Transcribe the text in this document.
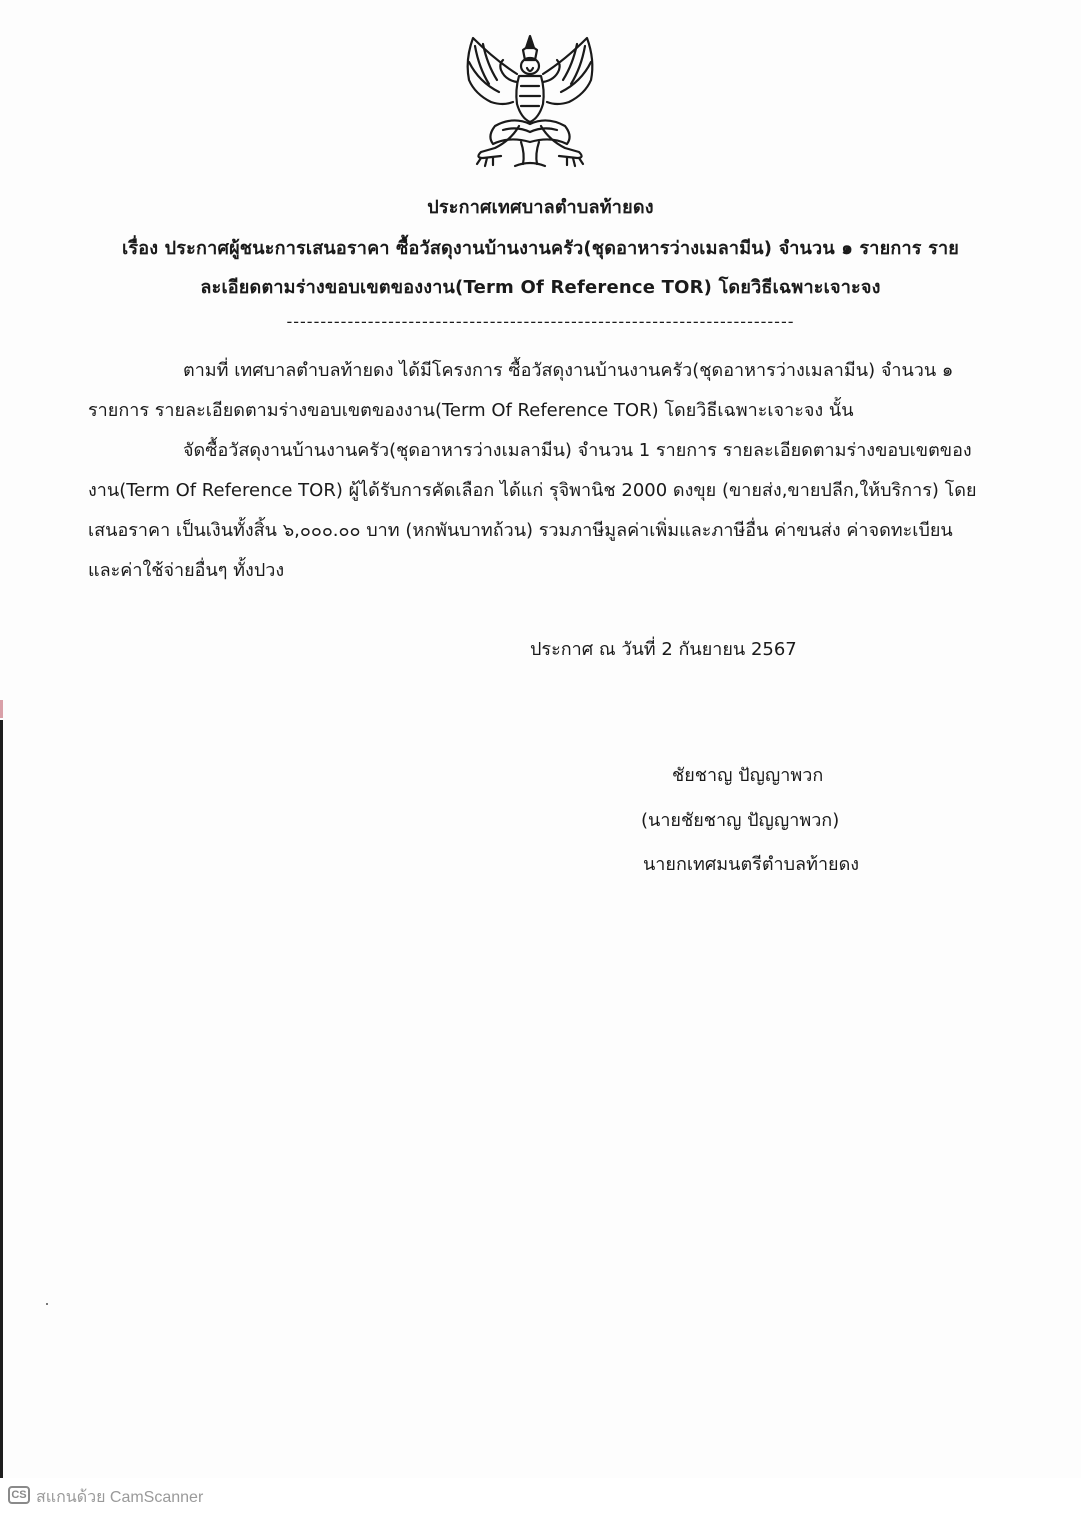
ประกาศเทศบาลตำบลท้ายดง
เรื่อง ประกาศผู้ชนะการเสนอราคา ซื้อวัสดุงานบ้านงานครัว(ชุดอาหารว่างเมลามีน) จำนวน ๑ รายการ ราย
ละเอียดตามร่างขอบเขตของงาน(Term Of Reference TOR) โดยวิธีเฉพาะเจาะจง
---------------------------------------------------------------------------
ตามที่ เทศบาลตำบลท้ายดง ได้มีโครงการ ซื้อวัสดุงานบ้านงานครัว(ชุดอาหารว่างเมลามีน) จำนวน ๑
รายการ รายละเอียดตามร่างขอบเขตของงาน(Term Of Reference TOR) โดยวิธีเฉพาะเจาะจง นั้น
จัดซื้อวัสดุงานบ้านงานครัว(ชุดอาหารว่างเมลามีน) จำนวน 1 รายการ รายละเอียดตามร่างขอบเขตของ
งาน(Term Of Reference TOR) ผู้ได้รับการคัดเลือก ได้แก่ รุจิพานิช 2000 ดงขุย (ขายส่ง,ขายปลีก,ให้บริการ) โดย
เสนอราคา เป็นเงินทั้งสิ้น ๖,๐๐๐.๐๐ บาท (หกพันบาทถ้วน) รวมภาษีมูลค่าเพิ่มและภาษีอื่น ค่าขนส่ง ค่าจดทะเบียน
และค่าใช้จ่ายอื่นๆ ทั้งปวง
ประกาศ ณ วันที่ 2 กันยายน 2567
ชัยชาญ ปัญญาพวก
(นายชัยชาญ ปัญญาพวก)
นายกเทศมนตรีตำบลท้ายดง
CS สแกนด้วย CamScanner
